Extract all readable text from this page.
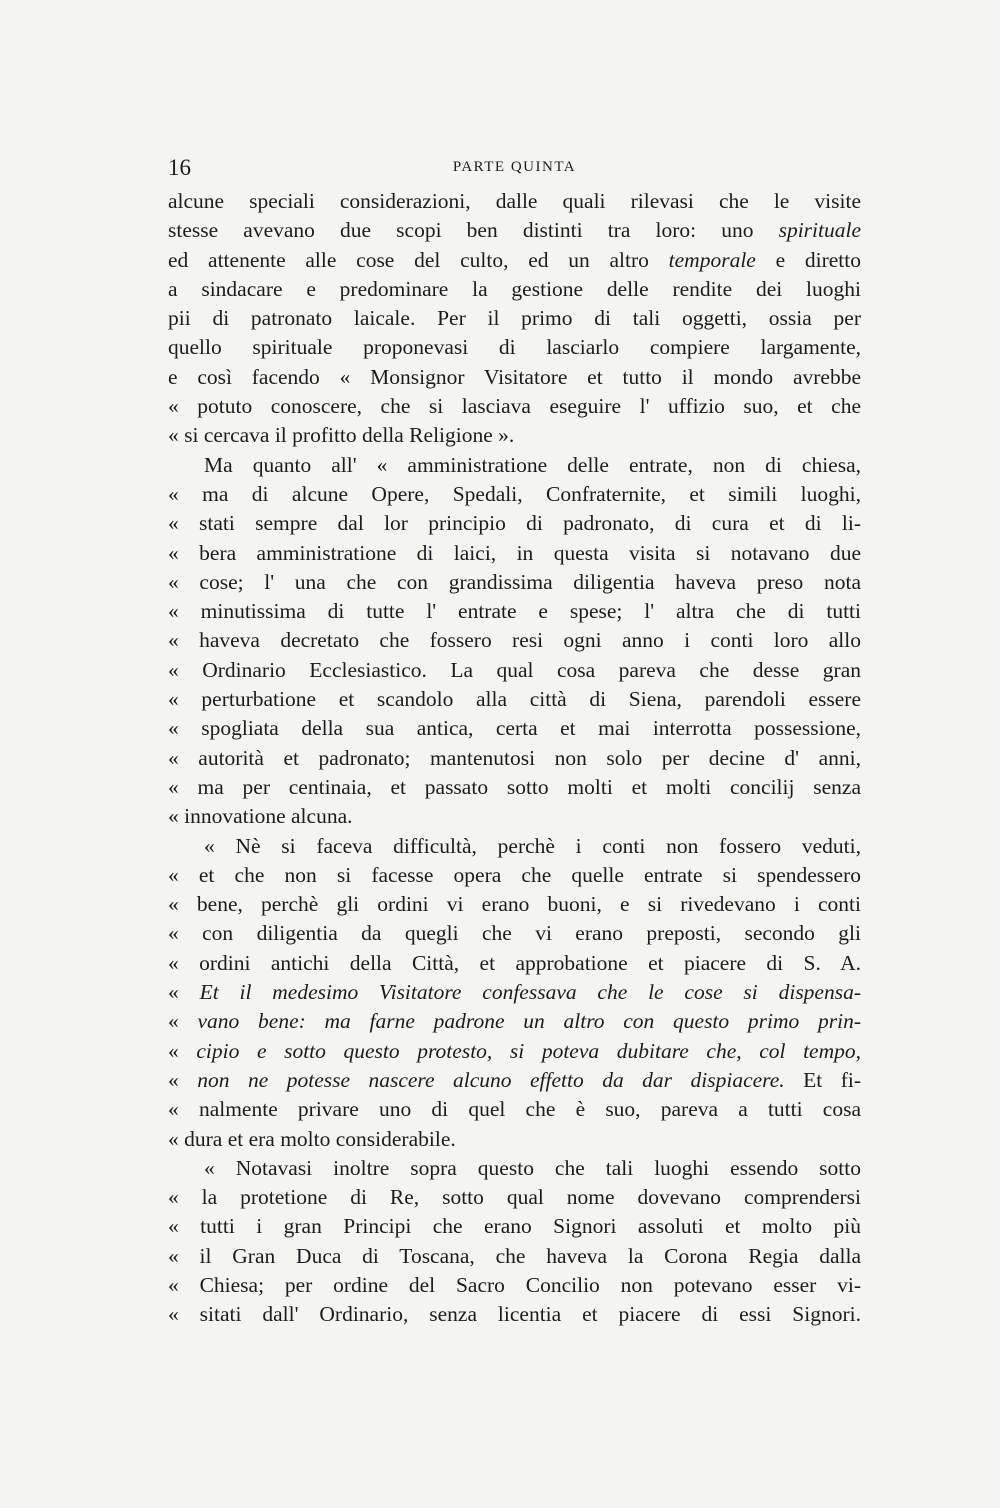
16	PARTE QUINTA
alcune speciali considerazioni, dalle quali rilevasi che le visite
stesse avevano due scopi ben distinti tra loro: uno spirituale
ed attenente alle cose del culto, ed un altro temporale e diretto
a sindacare e predominare la gestione delle rendite dei luoghi
pii di patronato laicale. Per il primo di tali oggetti, ossia per
quello spirituale proponevasi di lasciarlo compiere largamente,
e così facendo « Monsignor Visitatore et tutto il mondo avrebbe
« potuto conoscere, che si lasciava eseguire l' uffizio suo, et che
« si cercava il profitto della Religione ».
Ma quanto all' « amministratione delle entrate, non di chiesa,
« ma di alcune Opere, Spedali, Confraternite, et simili luoghi,
« stati sempre dal lor principio di padronato, di cura et di li-
« bera amministratione di laici, in questa visita si notavano due
« cose; l' una che con grandissima diligentia haveva preso nota
« minutissima di tutte l' entrate e spese; l' altra che di tutti
« haveva decretato che fossero resi ogni anno i conti loro allo
« Ordinario Ecclesiastico. La qual cosa pareva che desse gran
« perturbatione et scandolo alla città di Siena, parendoli essere
« spogliata della sua antica, certa et mai interrotta possessione,
« autorità et padronato; mantenutosi non solo per decine d' anni,
« ma per centinaia, et passato sotto molti et molti concilij senza
« innovatione alcuna.
« Nè si faceva difficultà, perchè i conti non fossero veduti,
« et che non si facesse opera che quelle entrate si spendessero
« bene, perchè gli ordini vi erano buoni, e si rivedevano i conti
« con diligentia da quegli che vi erano preposti, secondo gli
« ordini antichi della Città, et approbatione et piacere di S. A.
« Et il medesimo Visitatore confessava che le cose si dispensa-
« vano bene: ma farne padrone un altro con questo primo prin-
« cipio e sotto questo protesto, si poteva dubitare che, col tempo,
« non ne potesse nascere alcuno effetto da dar dispiacere. Et fi-
« nalmente privare uno di quel che è suo, pareva a tutti cosa
« dura et era molto considerabile.
« Notavasi inoltre sopra questo che tali luoghi essendo sotto
« la protetione di Re, sotto qual nome dovevano comprendersi
« tutti i gran Principi che erano Signori assoluti et molto più
« il Gran Duca di Toscana, che haveva la Corona Regia dalla
« Chiesa; per ordine del Sacro Concilio non potevano esser vi-
« sitati dall' Ordinario, senza licentia et piacere di essi Signori.
